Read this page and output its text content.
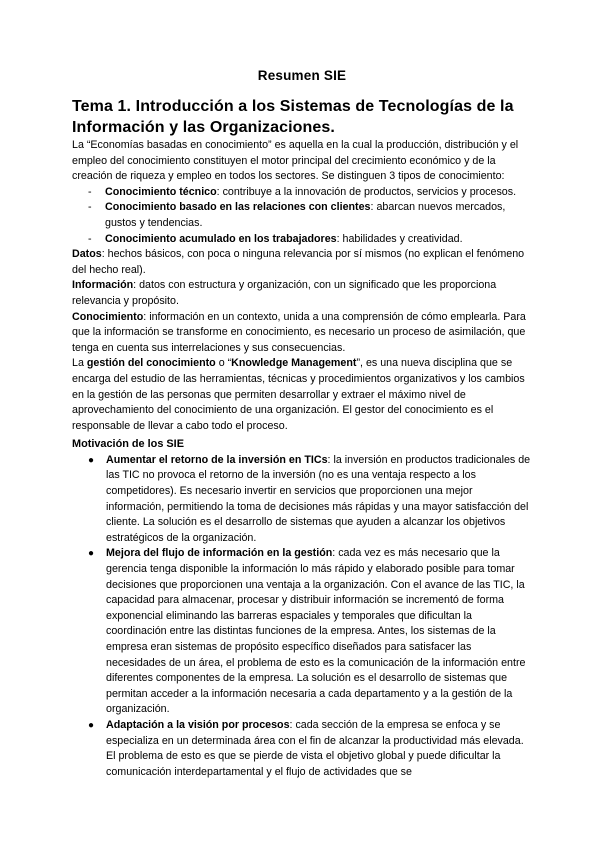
Resumen SIE
Tema 1. Introducción a los Sistemas de Tecnologías de la Información y las Organizaciones.

La “Economías basadas en conocimiento” es aquella en la cual la producción, distribución y el empleo del conocimiento constituyen el motor principal del crecimiento económico y de la creación de riqueza y empleo en todos los sectores. Se distinguen 3 tipos de conocimiento:

- Conocimiento técnico: contribuye a la innovación de productos, servicios y procesos.
- Conocimiento basado en las relaciones con clientes: abarcan nuevos mercados, gustos y tendencias.
- Conocimiento acumulado en los trabajadores: habilidades y creatividad.

Datos: hechos básicos, con poca o ninguna relevancia por sí mismos (no explican el fenómeno del hecho real).

Información: datos con estructura y organización, con un significado que les proporciona relevancia y propósito.

Conocimiento: información en un contexto, unida a una comprensión de cómo emplearla. Para que la información se transforme en conocimiento, es necesario un proceso de asimilación, que tenga en cuenta sus interrelaciones y sus consecuencias.

La gestión del conocimiento o “Knowledge Management”, es una nueva disciplina que se encarga del estudio de las herramientas, técnicas y procedimientos organizativos y los cambios en la gestión de las personas que permiten desarrollar y extraer el máximo nivel de aprovechamiento del conocimiento de una organización. El gestor del conocimiento es el responsable de llevar a cabo todo el proceso.

Motivación de los SIE
● Aumentar el retorno de la inversión en TICs: la inversión en productos tradicionales de las TIC no provoca el retorno de la inversión (no es una ventaja respecto a los competidores). Es necesario invertir en servicios que proporcionen una mejor información, permitiendo la toma de decisiones más rápidas y una mayor satisfacción del cliente. La solución es el desarrollo de sistemas que ayuden a alcanzar los objetivos estratégicos de la organización.
● Mejora del flujo de información en la gestión: cada vez es más necesario que la gerencia tenga disponible la información lo más rápido y elaborado posible para tomar decisiones que proporcionen una ventaja a la organización. Con el avance de las TIC, la capacidad para almacenar, procesar y distribuir información se incrementó de forma exponencial eliminando las barreras espaciales y temporales que dificultan la coordinación entre las distintas funciones de la empresa. Antes, los sistemas de la empresa eran sistemas de propósito específico diseñados para satisfacer las necesidades de un área, el problema de esto es la comunicación de la información entre diferentes componentes de la empresa. La solución es el desarrollo de sistemas que permitan acceder a la información necesaria a cada departamento y a la gestión de la organización.
● Adaptación a la visión por procesos: cada sección de la empresa se enfoca y se especializa en un determinada área con el fin de alcanzar la productividad más elevada. El problema de esto es que se pierde de vista el objetivo global y puede dificultar la comunicación interdepartamental y el flujo de actividades que se
